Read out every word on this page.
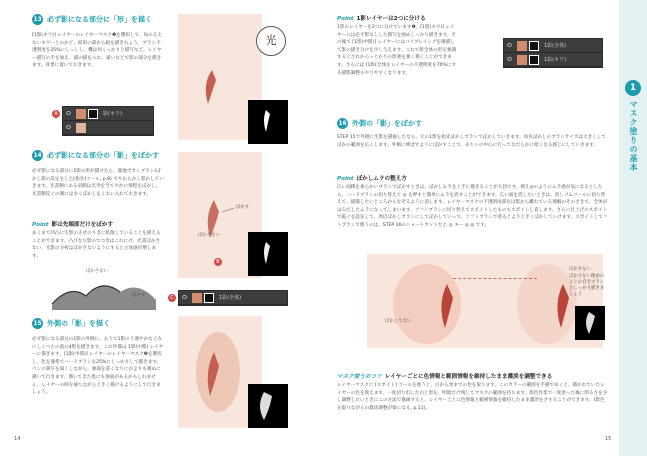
13 必ず影になる部分に「形」を描く
[1影(キワ)] レイヤーのレイヤーマスク❶を選択して、毎のええないキワーとのかど、結束の部から鉛を描きれょう。ブラシ不透明度を25%にしっしし、機は何くっかりと描写など。レイヤー描写の手を加え、描の描を入れ、違いなどで影の部分を描きます。背景に置いておきます。
影(キワ)
A
光
14 必ず影になる部分の「影」をぼかす
必ず影になる部分に1影の形が描けたら、器他ボカシブラシ(ぼかし影の設定をした[指先]ツール, p.8) でやわらかく影かしていきます。光書側にある肩側は光寿を当てやかに境程をぼかし、光書側反ぐの側には少くぼかしをくおい入れておきます。
Point 影は先端部だけをぼかす
あくまで凹凸に生影の正せのりきに拡散していることを描えることができます。凸ぴなり影のでつきはこれにけ、光書ぼかさない、光影の分析はぼかさないようにすると立体感が増します。
ぼかさない
ぼかす
ぼかす
ぼかさない
B
1影(全体)
C
15 外側の「影」を描く
必ず影になる部分の1影の外側に、おうて1影のう連やかなぐみにしくべたの前の4影を描きます。この作描は 1影(中間) レイヤーに描きます。[1影(中間)] レイヤーのレイヤーマスク❷を選択し、色を薄系でハードブラシを25%にしっかりして描きます。ペンの筆圧を弱くしながら、強弱を書くなりにがよりも薄めに描いて行きます。描いてきた処にも強弱があるかもしれません。レイヤーの時を通りながら上手く描けるようにして行きましょう。
14
Point 1影レイヤーは2つに分ける
1影のレイヤーを2つに分けています❶。[1影(キワ)] レイヤーには必ず影なしした描写を強めしっかり描きます。その後で [1影(中間)] レイヤーにはバイプレイングを薄描して影の描き分けを少し与えます。これで影全体の形を強調するとされからっとかりの影強を強く描くことができます。さらには [1影(全体)] レイヤーの不透明度を70%にする描影調整もやりやすくなります。
1影(全体)
1影(キワ)
16 外側の「影」をぼかす
STEP 15で外側に生影を描画したなら、元の1影を指先ぼかしブラシでぼかしていきます。角先ぼかしのブラシサイズは大きくしてぼかの範囲を広くします。外側に伸ばすようにぼかすことで、あちいの中心に行ってなだらかに暗くなる感じにしていきます。
Point ぼかしムラの整え方
広い面積を柔らかいブラシでぼかすときは、ぼかしムラを上手に描きることが大切です。例え◎のようにムラ感が気になるとしたら、ハードブラシの切り替えて ◎ を押すと簡単にムラを消すことができます。広い面を消したいときは、消しゴムツールに切り替えて、描描したいところからなぞるように消します。レイヤーマスクの不透明度部位は影から離れている理解のそのさきで、全体がはみだしたムラになってしまいます。ソフトブラシに切り替えてスポイトしたものもスポイトし直します。さらに仕上げのスポイトで霞ぐを設定して、周辺ぼかしブラシにしてぼかしていって、ソフトブラシで塗るとより上手くぼかしていけます。スポイトしてフトブラシで使うのは、STEP 16のショートカットだと ◎ キー ◎ ◎ です。
ぼかしてない
ぼかさない
ぼかさない理由のことの自宅ブラシとしっかり描きましょう
マスク使うのコツ レイヤーごとに色情報と範囲情報を維持したまま濃淡を調整できる
レイヤーマスクに [スポイト] ツールを使うと、白から黒までの色を取ります。このカラーの範囲を手描でゆくと、描かれていたレイヤーの色を使えます。一度切り出した白と黒を、明暗だけ残してマスクの範囲を持ちます。影色作業で一度塗った後に明るさを少し調整したいときにこの方法で描画すると、レイヤーごとに色情報と範囲情報を維持したまま濃淡をさすることができます。(影色を取りながらの濃淡調整が楽になる, p.11)。
1
マスク塗りの基本
15
